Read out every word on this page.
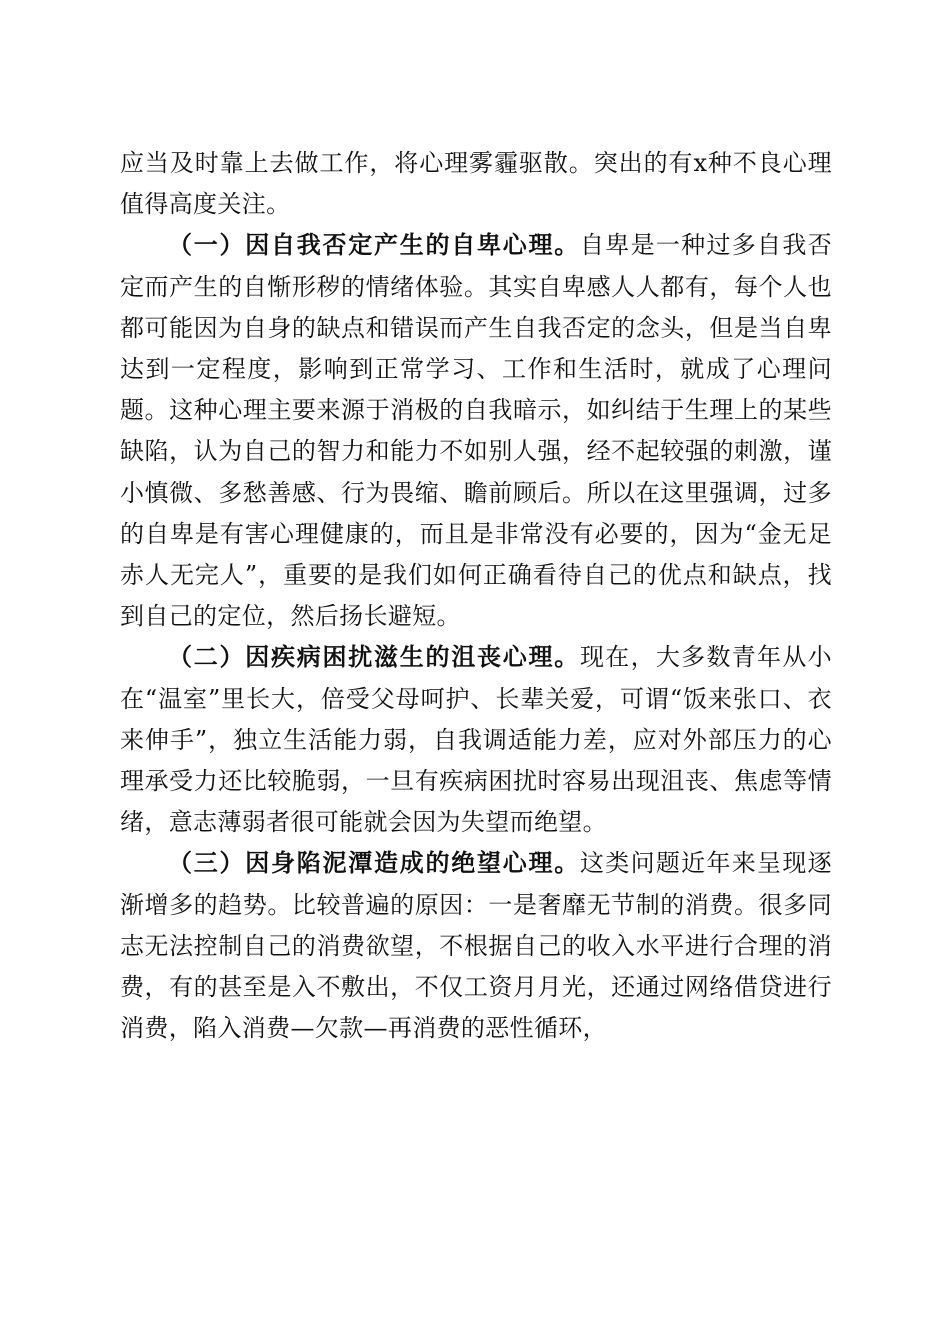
应当及时靠上去做工作，将心理雾霾驱散。突出的有x种不良心理值得高度关注。

（一）因自我否定产生的自卑心理。自卑是一种过多自我否定而产生的自惭形秽的情绪体验。其实自卑感人人都有，每个人也都可能因为自身的缺点和错误而产生自我否定的念头，但是当自卑达到一定程度，影响到正常学习、工作和生活时，就成了心理问题。这种心理主要来源于消极的自我暗示，如纠结于生理上的某些缺陷，认为自己的智力和能力不如别人强，经不起较强的刺激，谨小慎微、多愁善感、行为畏缩、瞻前顾后。所以在这里强调，过多的自卑是有害心理健康的，而且是非常没有必要的，因为“金无足赤人无完人”，重要的是我们如何正确看待自己的优点和缺点，找到自己的定位，然后扬长避短。

（二）因疾病困扰滋生的沮丧心理。现在，大多数青年从小在“温室”里长大，倍受父母呵护、长辈关爱，可谓“饭来张口、衣来伸手”，独立生活能力弱，自我调适能力差，应对外部压力的心理承受力还比较脆弱，一旦有疾病困扰时容易出现沮丧、焦虑等情绪，意志薄弱者很可能就会因为失望而绝望。

（三）因身陷泥潭造成的绝望心理。这类问题近年来呈现逐渐增多的趋势。比较普遍的原因：一是奢靡无节制的消费。很多同志无法控制自己的消费欲望，不根据自己的收入水平进行合理的消费，有的甚至是入不敷出，不仅工资月月光，还通过网络借贷进行消费，陷入消费—欠款—再消费的恶性循环，
